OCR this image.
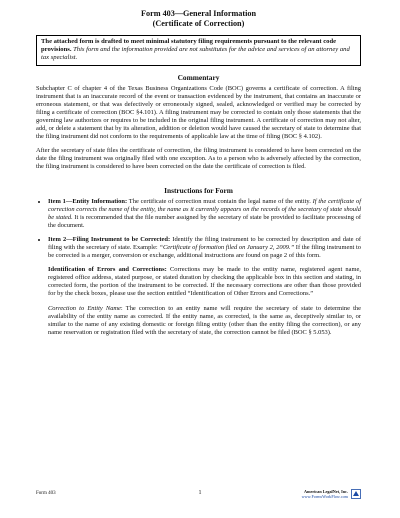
Form 403—General Information
(Certificate of Correction)
The attached form is drafted to meet minimal statutory filing requirements pursuant to the relevant code provisions. This form and the information provided are not substitutes for the advice and services of an attorney and tax specialist.
Commentary

Subchapter C of chapter 4 of the Texas Business Organizations Code (BOC) governs a certificate of correction. A filing instrument that is an inaccurate record of the event or transaction evidenced by the instrument, that contains an inaccurate or erroneous statement, or that was defectively or erroneously signed, sealed, acknowledged or verified may be corrected by filing a certificate of correction (BOC §4.101). A filing instrument may be corrected to contain only those statements that the governing law authorizes or requires to be included in the original filing instrument. A certificate of correction may not alter, add, or delete a statement that by its alteration, addition or deletion would have caused the secretary of state to determine that the filing instrument did not conform to the requirements of applicable law at the time of filing (BOC § 4.102).

After the secretary of state files the certificate of correction, the filing instrument is considered to have been corrected on the date the filing instrument was originally filed with one exception. As to a person who is adversely affected by the correction, the filing instrument is considered to have been corrected on the date the certificate of correction is filed.

Instructions for Form
• Item 1—Entity Information: The certificate of correction must contain the legal name of the entity. If the certificate of correction corrects the name of the entity, the name as it currently appears on the records of the secretary of state should be stated. It is recommended that the file number assigned by the secretary of state be provided to facilitate processing of the document.
• Item 2—Filing Instrument to be Corrected: Identify the filing instrument to be corrected by description and date of filing with the secretary of state. Example: “Certificate of formation filed on January 2, 2009.” If the filing instrument to be corrected is a merger, conversion or exchange, additional instructions are found on page 2 of this form.

Identification of Errors and Corrections: Corrections may be made to the entity name, registered agent name, registered office address, stated purpose, or stated duration by checking the applicable box in this section and stating, in corrected form, the portion of the instrument to be corrected. If the necessary corrections are other than those provided for by the check boxes, please use the section entitled “Identification of Other Errors and Corrections.”

Correction to Entity Name: The correction to an entity name will require the secretary of state to determine the availability of the entity name as corrected. If the entity name, as corrected, is the same as, deceptively similar to, or similar to the name of any existing domestic or foreign filing entity (other than the entity filing the correction), or any name reservation or registration filed with the secretary of state, the correction cannot be filed (BOC § 5.053).

Form 403	1	American LegalNet, Inc.
www.FormsWorkFlow.com
